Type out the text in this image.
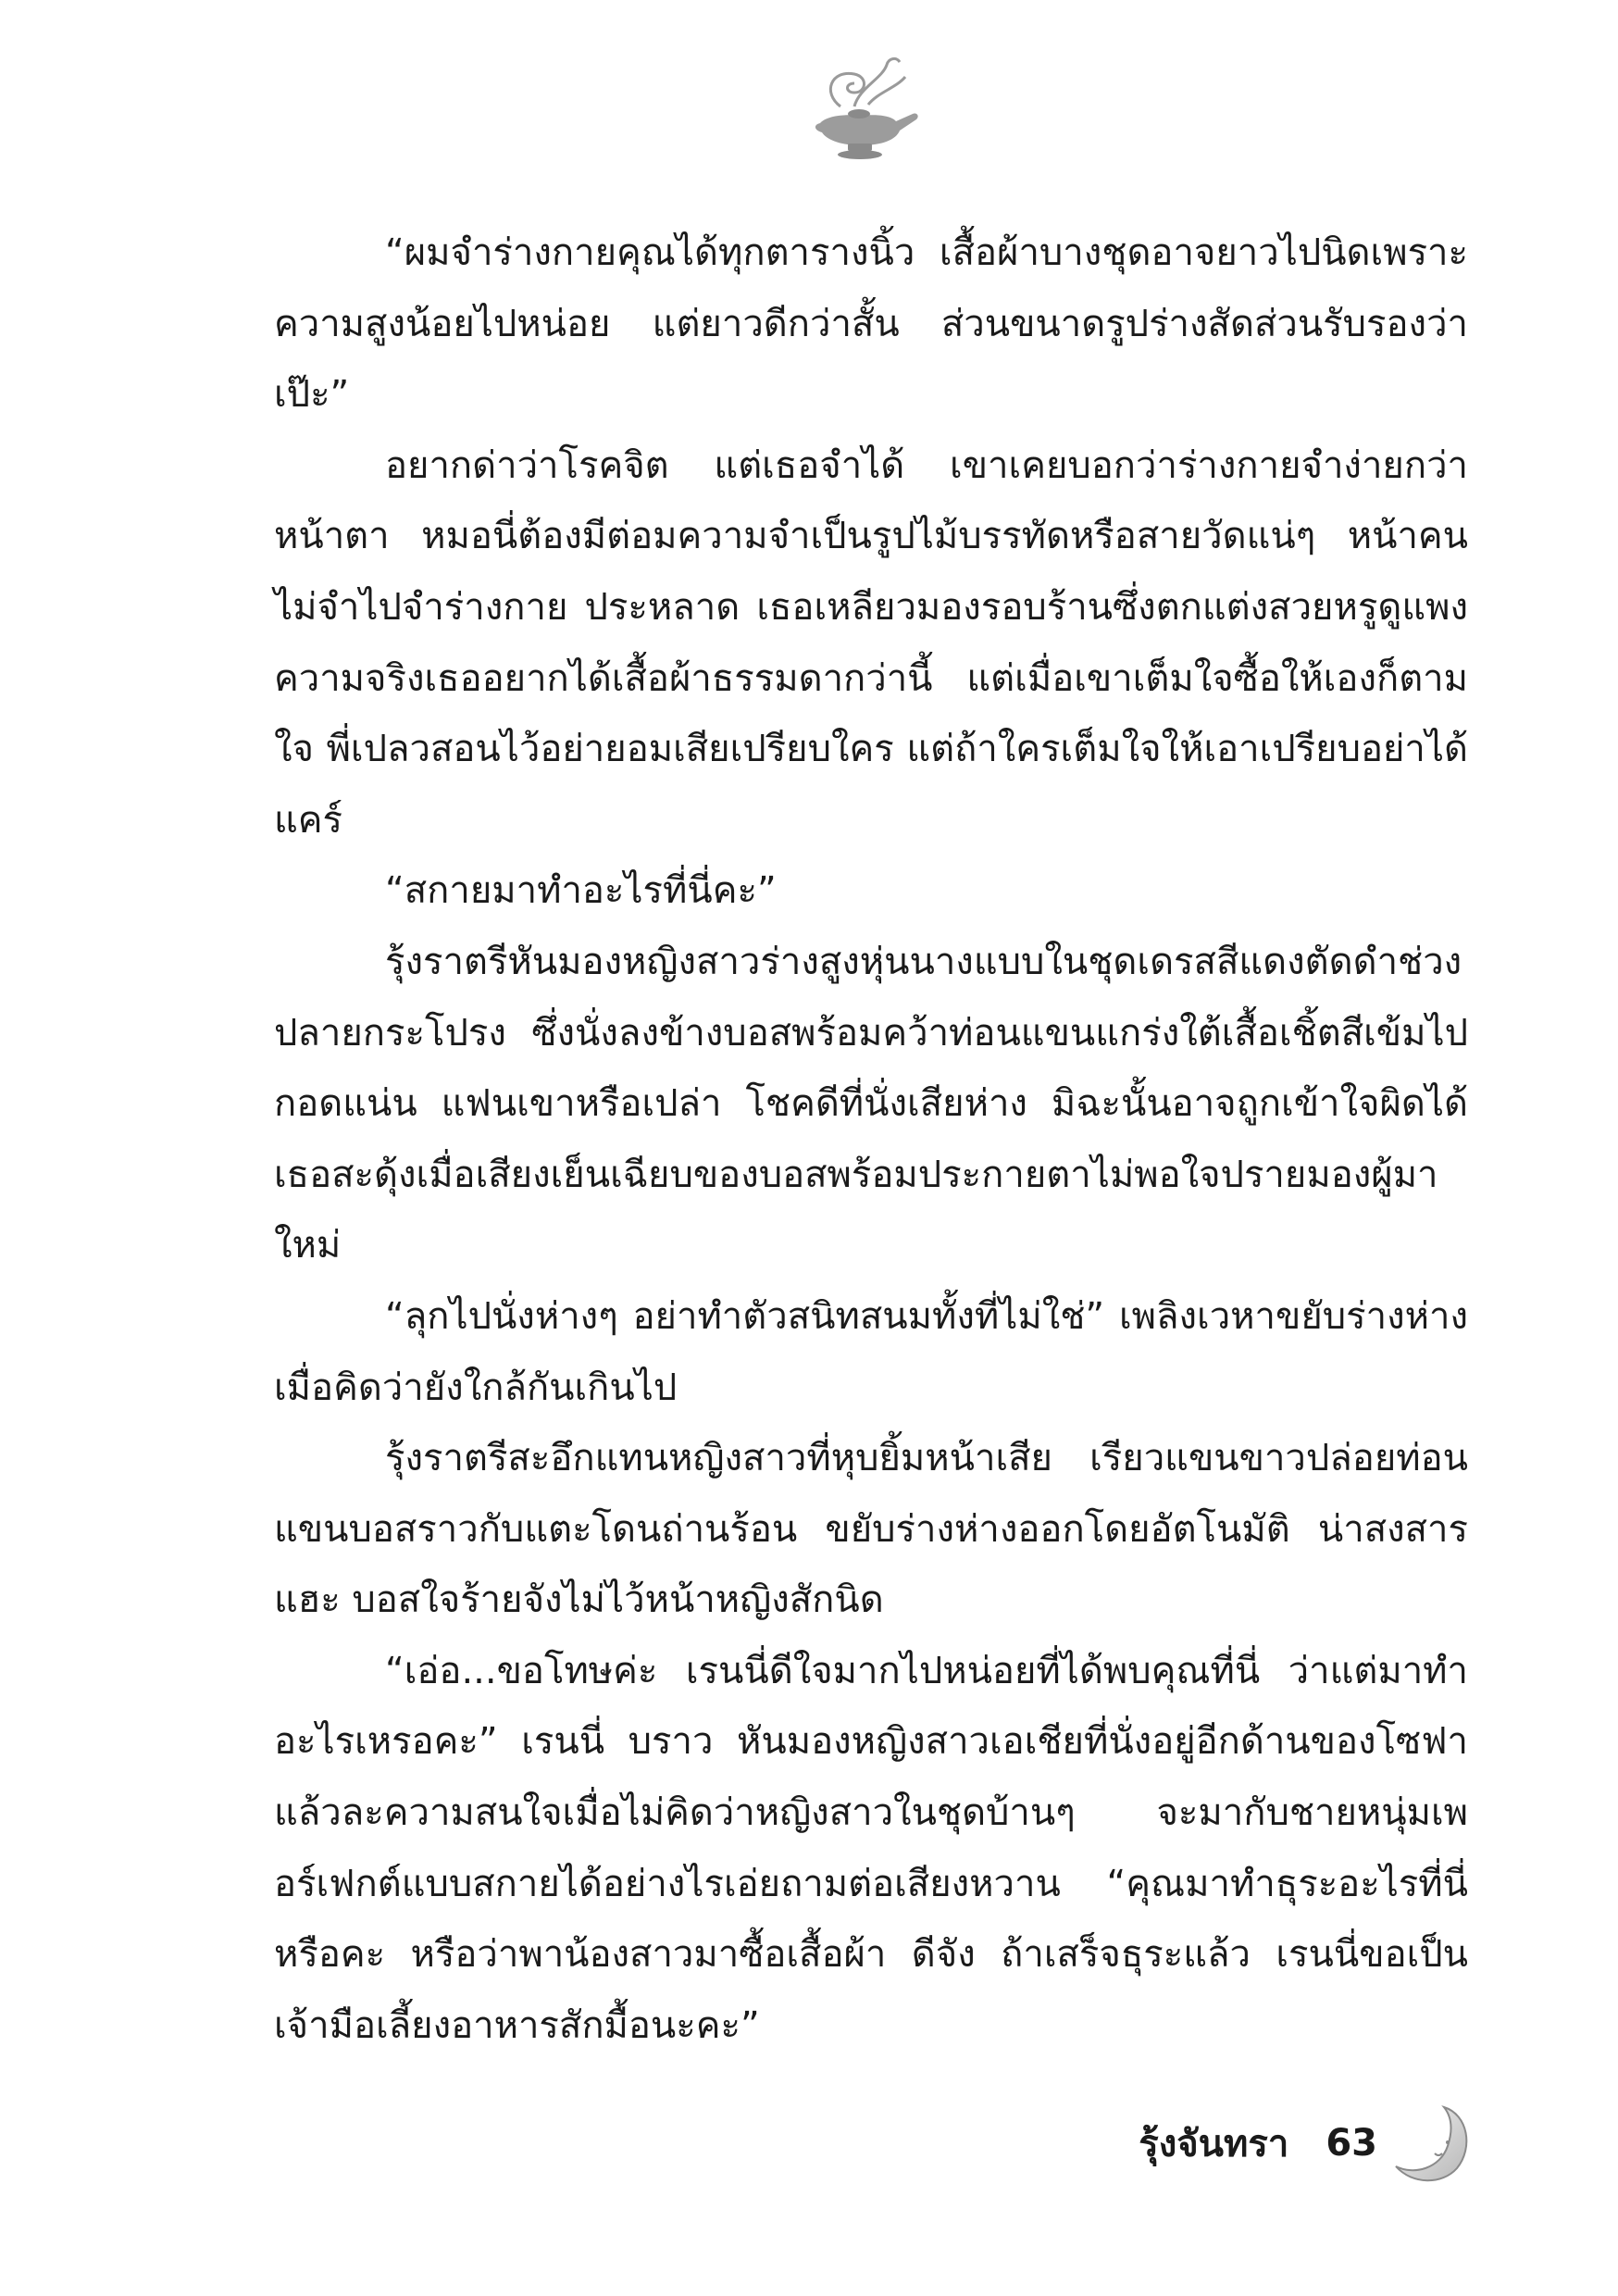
“ผมจำร่างกายคุณได้ทุกตารางนิ้ว เสื้อผ้าบางชุดอาจยาวไปนิดเพราะความสูงน้อยไปหน่อย แต่ยาวดีกว่าสั้น ส่วนขนาดรูปร่างสัดส่วนรับรองว่าเป๊ะ”

อยากด่าว่าโรคจิต แต่เธอจำได้ เขาเคยบอกว่าร่างกายจำง่ายกว่าหน้าตา หมอนี่ต้องมีต่อมความจำเป็นรูปไม้บรรทัดหรือสายวัดแน่ๆ หน้าคนไม่จำไปจำร่างกาย ประหลาด เธอเหลียวมองรอบร้านซึ่งตกแต่งสวยหรูดูแพง ความจริงเธออยากได้เสื้อผ้าธรรมดากว่านี้ แต่เมื่อเขาเต็มใจซื้อให้เองก็ตามใจ พี่เปลวสอนไว้อย่ายอมเสียเปรียบใคร แต่ถ้าใครเต็มใจให้เอาเปรียบอย่าได้แคร์

“สกายมาทำอะไรที่นี่คะ”

รุ้งราตรีหันมองหญิงสาวร่างสูงหุ่นนางแบบในชุดเดรสสีแดงตัดดำช่วงปลายกระโปรง ซึ่งนั่งลงข้างบอสพร้อมคว้าท่อนแขนแกร่งใต้เสื้อเชิ้ตสีเข้มไปกอดแน่น แฟนเขาหรือเปล่า โชคดีที่นั่งเสียห่าง มิฉะนั้นอาจถูกเข้าใจผิดได้ เธอสะดุ้งเมื่อเสียงเย็นเฉียบของบอสพร้อมประกายตาไม่พอใจปรายมองผู้มาใหม่

“ลุกไปนั่งห่างๆ อย่าทำตัวสนิทสนมทั้งที่ไม่ใช่” เพลิงเวหาขยับร่างห่างเมื่อคิดว่ายังใกล้กันเกินไป

รุ้งราตรีสะอึกแทนหญิงสาวที่หุบยิ้มหน้าเสีย เรียวแขนขาวปล่อยท่อนแขนบอสราวกับแตะโดนถ่านร้อน ขยับร่างห่างออกโดยอัตโนมัติ น่าสงสารแฮะ บอสใจร้ายจังไม่ไว้หน้าหญิงสักนิด

“เอ่อ...ขอโทษค่ะ เรนนี่ดีใจมากไปหน่อยที่ได้พบคุณที่นี่ ว่าแต่มาทำอะไรเหรอคะ” เรนนี่ บราว หันมองหญิงสาวเอเชียที่นั่งอยู่อีกด้านของโซฟาแล้วละความสนใจเมื่อไม่คิดว่าหญิงสาวในชุดบ้านๆ จะมากับชายหนุ่มเพอร์เฟกต์แบบสกายได้อย่างไรเอ่ยถามต่อเสียงหวาน “คุณมาทำธุระอะไรที่นี่หรือคะ หรือว่าพาน้องสาวมาซื้อเสื้อผ้า ดีจัง ถ้าเสร็จธุระแล้ว เรนนี่ขอเป็นเจ้ามือเลี้ยงอาหารสักมื้อนะคะ”

รุ้งจันทรา 63
